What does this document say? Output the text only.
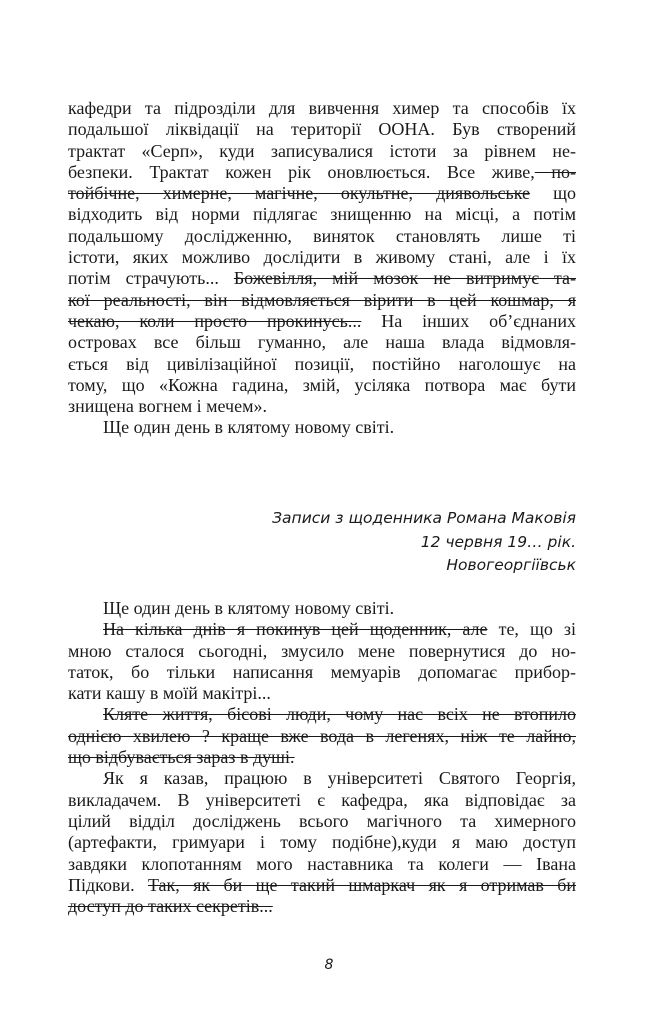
кафедри та підрозділи для вивчення химер та способів їх
подальшої ліквідації на території ООНА. Був створений
трактат «Серп», куди записувалися істоти за рівнем не-
безпеки. Трактат кожен рік оновлюється. Все живе, по-
тойбічне, химерне, магічне, окультне, диявольське що
відходить від норми підлягає знищенню на місці, а потім
подальшому дослідженню, виняток становлять лише ті
істоти, яких можливо дослідити в живому стані, але і їх
потім страчують... Божевілля, мій мозок не витримує та-
кої реальності, він відмовляється вірити в цей кошмар, я
чекаю, коли просто прокинусь... На інших об’єднаних
островах все більш гуманно, але наша влада відмовля-
ється від цивілізаційної позиції, постійно наголошує на
тому, що «Кожна гадина, змій, усіляка потвора має бути
знищена вогнем і мечем».
Ще один день в клятому новому світі.
Записи з щоденника Романа Маковія
12 червня 19… рік.
Новогеоргіївськ
Ще один день в клятому новому світі.
На кілька днів я покинув цей щоденник, але те, що зі
мною сталося сьогодні, змусило мене повернутися до но-
таток, бо тільки написання мемуарів допомагає прибор-
кати кашу в моїй макітрі...
Кляте життя, бісові люди, чому нас всіх не втопило
однією хвилею ? краще вже вода в легенях, ніж те лайно,
що відбувається зараз в душі.
Як я казав, працюю в університеті Святого Георгія,
викладачем. В університеті є кафедра, яка відповідає за
цілий відділ досліджень всього магічного та химерного
(артефакти, гримуари і тому подібне),куди я маю доступ
завдяки клопотанням мого наставника та колеги — Івана
Підкови. Так, як би ще такий шмаркач як я отримав би
доступ до таких секретів...
8
